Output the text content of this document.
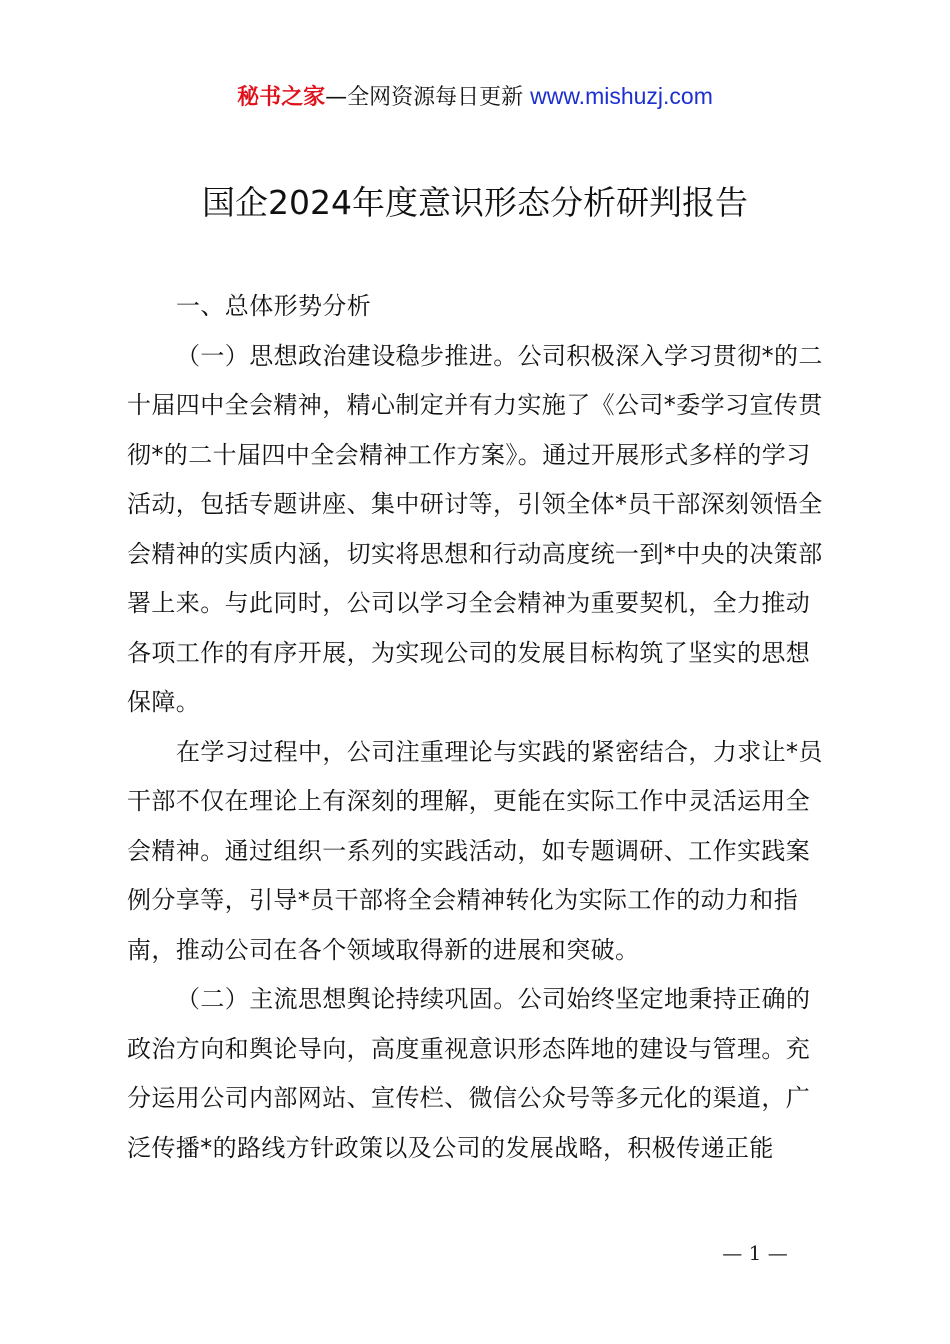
秘书之家—全网资源每日更新 www.mishuzj.com
国企2024年度意识形态分析研判报告

一、总体形势分析

（一）思想政治建设稳步推进。公司积极深入学习贯彻*的二十届四中全会精神，精心制定并有力实施了《公司*委学习宣传贯彻*的二十届四中全会精神工作方案》。通过开展形式多样的学习活动，包括专题讲座、集中研讨等，引领全体*员干部深刻领悟全会精神的实质内涵，切实将思想和行动高度统一到*中央的决策部署上来。与此同时，公司以学习全会精神为重要契机，全力推动各项工作的有序开展，为实现公司的发展目标构筑了坚实的思想保障。

在学习过程中，公司注重理论与实践的紧密结合，力求让*员干部不仅在理论上有深刻的理解，更能在实际工作中灵活运用全会精神。通过组织一系列的实践活动，如专题调研、工作实践案例分享等，引导*员干部将全会精神转化为实际工作的动力和指南，推动公司在各个领域取得新的进展和突破。

（二）主流思想舆论持续巩固。公司始终坚定地秉持正确的政治方向和舆论导向，高度重视意识形态阵地的建设与管理。充分运用公司内部网站、宣传栏、微信公众号等多元化的渠道，广泛传播*的路线方针政策以及公司的发展战略，积极传递正能

— 1 —
